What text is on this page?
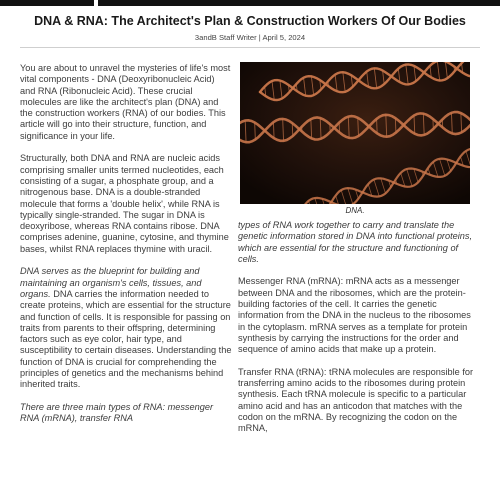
DNA & RNA: The Architect's Plan & Construction Workers Of Our Bodies
3andB Staff Writer | April 5, 2024

You are about to unravel the mysteries of life's most vital components - DNA (Deoxyribonucleic Acid) and RNA (Ribonucleic Acid). These crucial molecules are like the architect's plan (DNA) and the construction workers (RNA) of our bodies. This article will go into their structure, function, and significance in your life.

Structurally, both DNA and RNA are nucleic acids comprising smaller units termed nucleotides, each consisting of a sugar, a phosphate group, and a nitrogenous base. DNA is a double-stranded molecule that forms a 'double helix', while RNA is typically single-stranded. The sugar in DNA is deoxyribose, whereas RNA contains ribose. DNA comprises adenine, guanine, cytosine, and thymine bases, whilst RNA replaces thymine with uracil.

DNA serves as the blueprint for building and maintaining an organism's cells, tissues, and organs. DNA carries the information needed to create proteins, which are essential for the structure and function of cells. It is responsible for passing on traits from parents to their offspring, determining factors such as eye color, hair type, and susceptibility to certain diseases. Understanding the function of DNA is crucial for comprehending the principles of genetics and the mechanisms behind inherited traits.

There are three main types of RNA: messenger RNA (mRNA), transfer RNA

DNA.

types of RNA work together to carry and translate the genetic information stored in DNA into functional proteins, which are essential for the structure and functioning of cells.

Messenger RNA (mRNA): mRNA acts as a messenger between DNA and the ribosomes, which are the protein-building factories of the cell. It carries the genetic information from the DNA in the nucleus to the ribosomes in the cytoplasm. mRNA serves as a template for protein synthesis by carrying the instructions for the order and sequence of amino acids that make up a protein.

Transfer RNA (tRNA): tRNA molecules are responsible for transferring amino acids to the ribosomes during protein synthesis. Each tRNA molecule is specific to a particular amino acid and has an anticodon that matches with the codon on the mRNA. By recognizing the codon on the mRNA,
